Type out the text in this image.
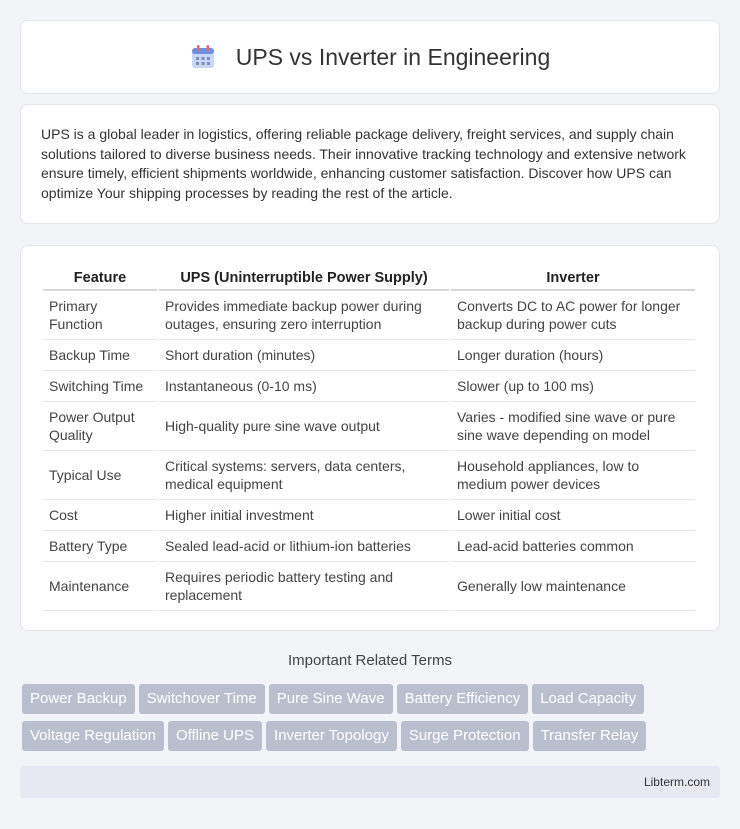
UPS vs Inverter in Engineering

UPS is a global leader in logistics, offering reliable package delivery, freight services, and supply chain solutions tailored to diverse business needs. Their innovative tracking technology and extensive network ensure timely, efficient shipments worldwide, enhancing customer satisfaction. Discover how UPS can optimize Your shipping processes by reading the rest of the article.

Feature	UPS (Uninterruptible Power Supply)	Inverter
Primary Function	Provides immediate backup power during outages, ensuring zero interruption	Converts DC to AC power for longer backup during power cuts
Backup Time	Short duration (minutes)	Longer duration (hours)
Switching Time	Instantaneous (0-10 ms)	Slower (up to 100 ms)
Power Output Quality	High-quality pure sine wave output	Varies - modified sine wave or pure sine wave depending on model
Typical Use	Critical systems: servers, data centers, medical equipment	Household appliances, low to medium power devices
Cost	Higher initial investment	Lower initial cost
Battery Type	Sealed lead-acid or lithium-ion batteries	Lead-acid batteries common
Maintenance	Requires periodic battery testing and replacement	Generally low maintenance
Important Related Terms
Power Backup Switchover Time Pure Sine Wave Battery Efficiency Load CapacityVoltage Regulation Offline UPS Inverter Topology Surge Protection Transfer Relay
Libterm.com
